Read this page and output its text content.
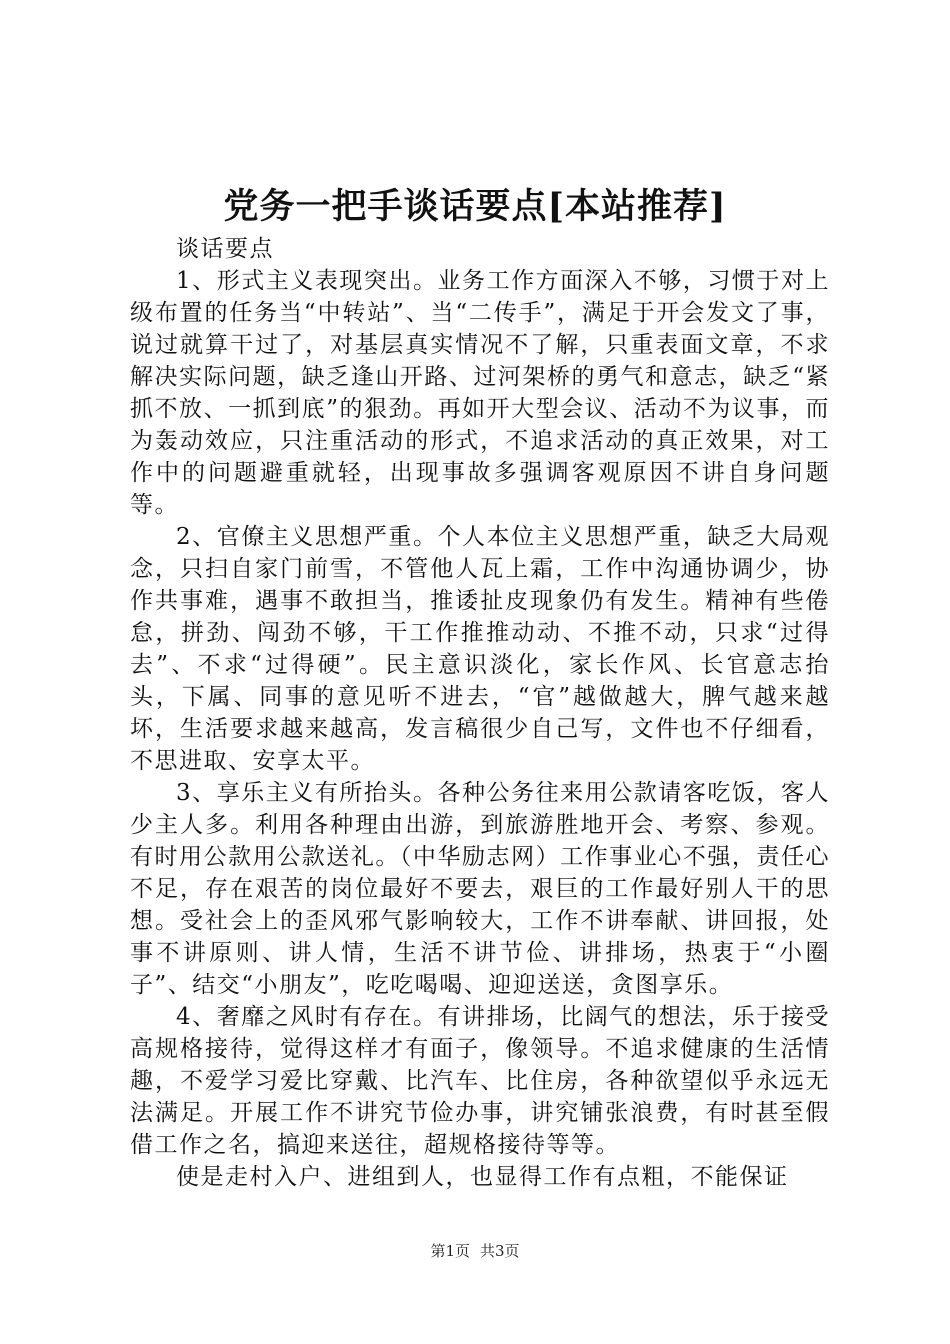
党务一把手谈话要点[本站推荐]

谈话要点

1、形式主义表现突出。业务工作方面深入不够，习惯于对上级布置的任务当“中转站”、当“二传手”，满足于开会发文了事，说过就算干过了，对基层真实情况不了解，只重表面文章，不求解决实际问题，缺乏逢山开路、过河架桥的勇气和意志，缺乏“紧抓不放、一抓到底”的狠劲。再如开大型会议、活动不为议事，而为轰动效应，只注重活动的形式，不追求活动的真正效果，对工作中的问题避重就轻，出现事故多强调客观原因不讲自身问题等。

2、官僚主义思想严重。个人本位主义思想严重，缺乏大局观念，只扫自家门前雪，不管他人瓦上霜，工作中沟通协调少，协作共事难，遇事不敢担当，推诿扯皮现象仍有发生。精神有些倦怠，拼劲、闯劲不够，干工作推推动动、不推不动，只求“过得去”、不求“过得硬”。民主意识淡化，家长作风、长官意志抬头，下属、同事的意见听不进去，“官”越做越大，脾气越来越坏，生活要求越来越高，发言稿很少自己写，文件也不仔细看，不思进取、安享太平。

3、享乐主义有所抬头。各种公务往来用公款请客吃饭，客人少主人多。利用各种理由出游，到旅游胜地开会、考察、参观。有时用公款用公款送礼。（中华励志网）工作事业心不强，责任心不足，存在艰苦的岗位最好不要去，艰巨的工作最好别人干的思想。受社会上的歪风邪气影响较大，工作不讲奉献、讲回报，处事不讲原则、讲人情，生活不讲节俭、讲排场，热衷于“小圈子”、结交“小朋友”，吃吃喝喝、迎迎送送，贪图享乐。

4、奢靡之风时有存在。有讲排场，比阔气的想法，乐于接受高规格接待，觉得这样才有面子，像领导。不追求健康的生活情趣，不爱学习爱比穿戴、比汽车、比住房，各种欲望似乎永远无法满足。开展工作不讲究节俭办事，讲究铺张浪费，有时甚至假借工作之名，搞迎来送往，超规格接待等等。

使是走村入户、进组到人，也显得工作有点粗，不能保证

第1页 共3页
